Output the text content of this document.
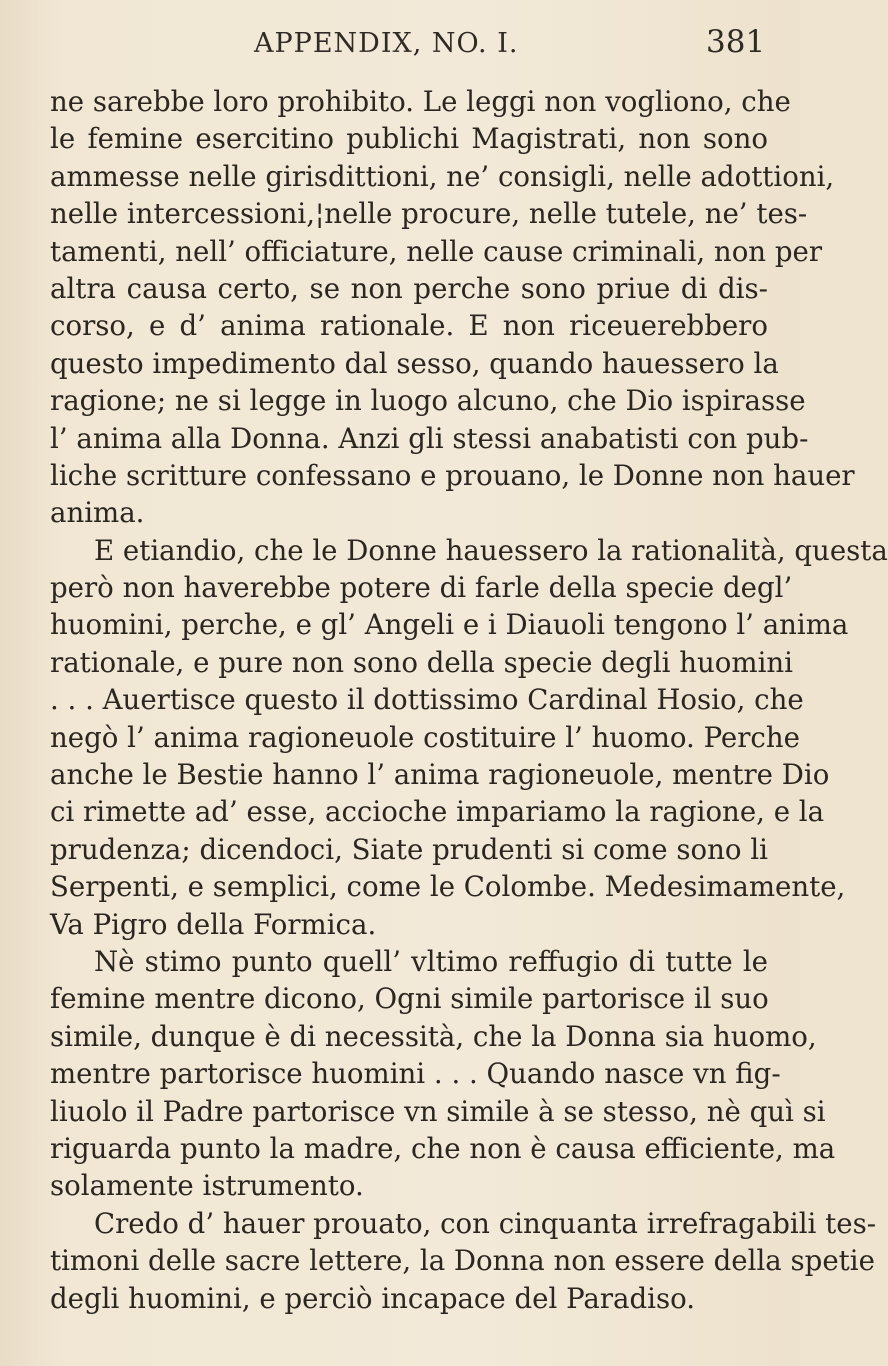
APPENDIX, NO. I.	381
ne sarebbe loro prohibito. Le leggi non vogliono, che
le femine esercitino publichi Magistrati, non sono
ammesse nelle girisdittioni, ne’ consigli, nelle adottioni,
nelle intercessioni,¦nelle procure, nelle tutele, ne’ tes-
tamenti, nell’ officiature, nelle cause criminali, non per
altra causa certo, se non perche sono priue di dis-
corso, e d’ anima rationale. E non riceuerebbero
questo impedimento dal sesso, quando hauessero la
ragione; ne si legge in luogo alcuno, che Dio ispirasse
l’ anima alla Donna. Anzi gli stessi anabatisti con pub-
liche scritture confessano e prouano, le Donne non hauer
anima.
E etiandio, che le Donne hauessero la rationalità, questa
però non haverebbe potere di farle della specie degl’
huomini, perche, e gl’ Angeli e i Diauoli tengono l’ anima
rationale, e pure non sono della specie degli huomini
. . . Auertisce questo il dottissimo Cardinal Hosio, che
negò l’ anima ragioneuole costituire l’ huomo. Perche
anche le Bestie hanno l’ anima ragioneuole, mentre Dio
ci rimette ad’ esse, accioche impariamo la ragione, e la
prudenza; dicendoci, Siate prudenti si come sono li
Serpenti, e semplici, come le Colombe. Medesimamente,
Va Pigro della Formica.
Nè stimo punto quell’ vltimo reffugio di tutte le
femine mentre dicono, Ogni simile partorisce il suo
simile, dunque è di necessità, che la Donna sia huomo,
mentre partorisce huomini . . . Quando nasce vn fig-
liuolo il Padre partorisce vn simile à se stesso, nè quì si
riguarda punto la madre, che non è causa efficiente, ma
solamente istrumento.
Credo d’ hauer prouato, con cinquanta irrefragabili tes-
timoni delle sacre lettere, la Donna non essere della spetie
degli huomini, e perciò incapace del Paradiso.
